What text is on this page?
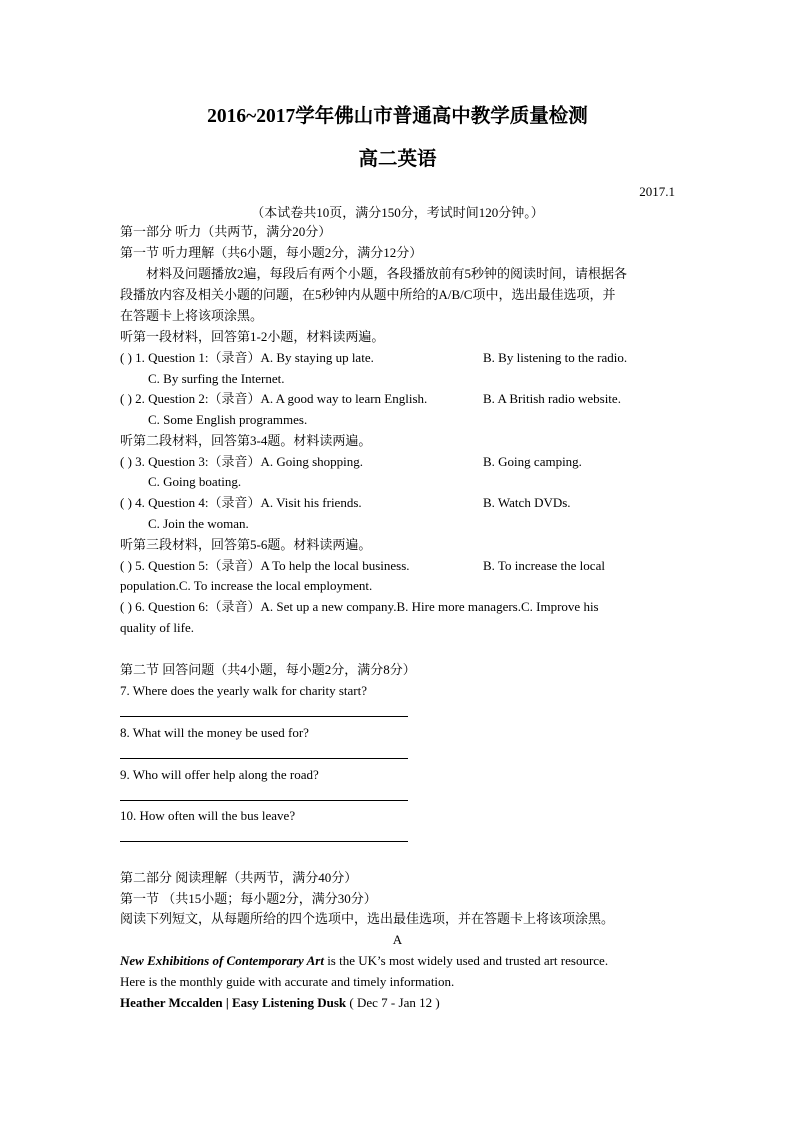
2016~2017学年佛山市普通高中教学质量检测
高二英语
2017.1
（本试卷共10页，满分150分，考试时间120分钟。）
第一部分 听力（共两节，满分20分）
第一节 听力理解（共6小题，每小题2分，满分12分）
材料及问题播放2遍，每段后有两个小题，各段播放前有5秒钟的阅读时间，请根据各
段播放内容及相关小题的问题，在5秒钟内从题中所给的A/B/C项中，选出最佳选项，并
在答题卡上将该项涂黑。
听第一段材料，回答第1-2小题，材料读两遍。
( ) 1. Question 1:（录音）A. By staying up late.	B. By listening to the radio.
C. By surfing the Internet.
( ) 2. Question 2:（录音）A. A good way to learn English.	B. A British radio website.
C. Some English programmes.
听第二段材料，回答第3-4题。材料读两遍。
( ) 3. Question 3:（录音）A. Going shopping.	B. Going camping.
C. Going boating.
( ) 4. Question 4:（录音）A. Visit his friends.	B. Watch DVDs.
C. Join the woman.
听第三段材料，回答第5-6题。材料读两遍。
( ) 5. Question 5:（录音）A To help the local business.	B. To increase the local
population.C. To increase the local employment.
( ) 6. Question 6:（录音）A. Set up a new company.B. Hire more managers.C. Improve his
quality of life.
第二节 回答问题（共4小题，每小题2分，满分8分）
7. Where does the yearly walk for charity start?
8. What will the money be used for?
9. Who will offer help along the road?
10. How often will the bus leave?
第二部分 阅读理解（共两节，满分40分）
第一节 （共15小题；每小题2分，满分30分）
阅读下列短文，从每题所给的四个选项中，选出最佳选项，并在答题卡上将该项涂黑。
A
New Exhibitions of Contemporary Art is the UK’s most widely used and trusted art resource.
Here is the monthly guide with accurate and timely information.
Heather Mccalden | Easy Listening Dusk ( Dec 7 - Jan 12 )
